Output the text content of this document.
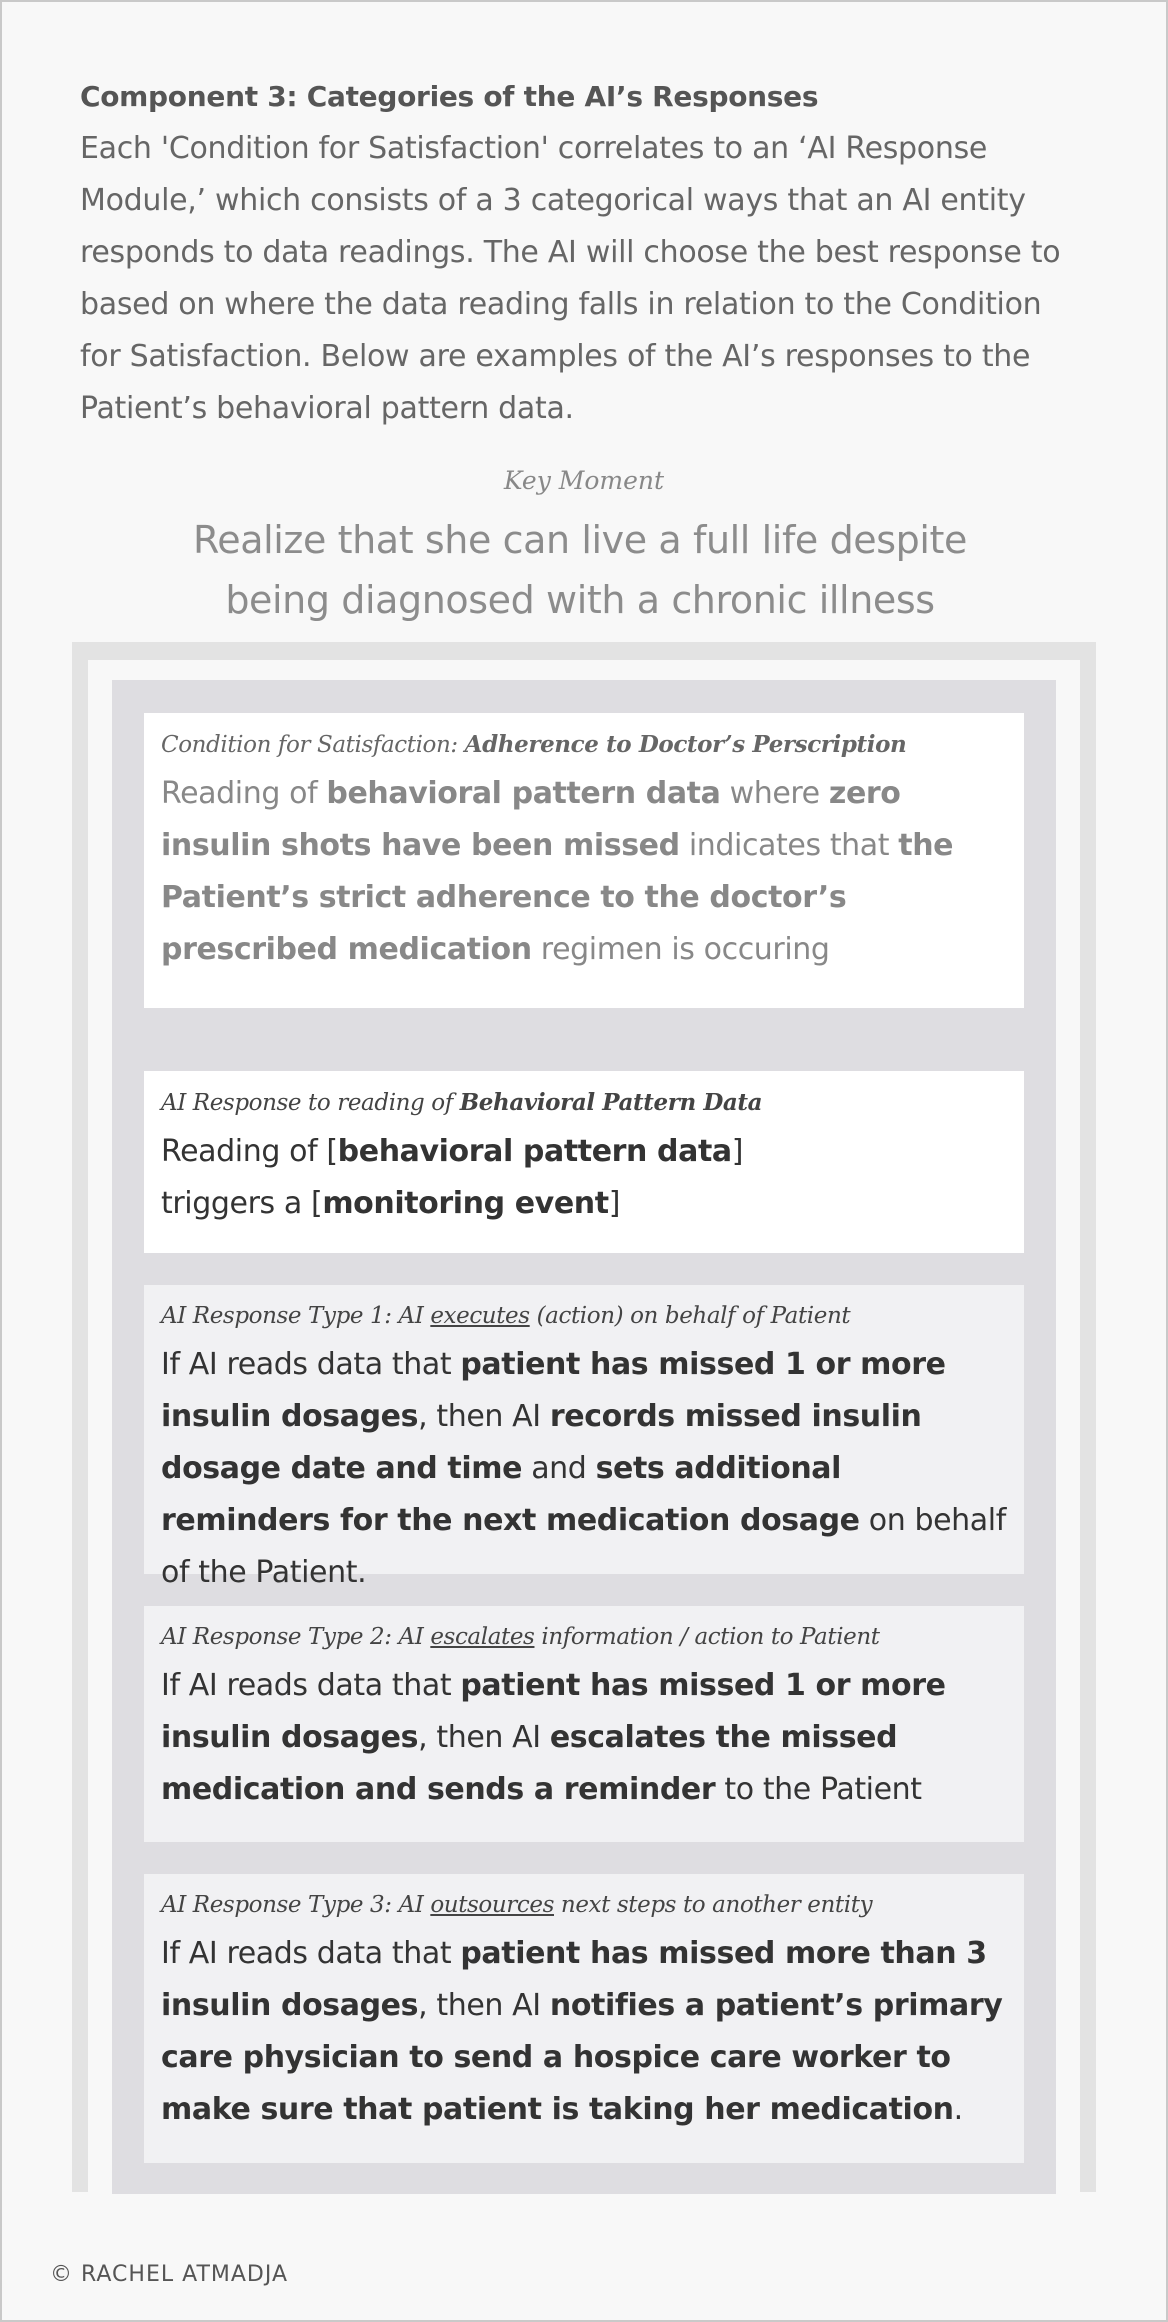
Component 3: Categories of the AI’s Responses

Each 'Condition for Satisfaction' correlates to an ‘AI Response Module,’ which consists of a 3 categorical ways that an AI entity responds to data readings. The AI will choose the best response to based on where the data reading falls in relation to the Condition for Satisfaction. Below are examples of the AI’s responses to the Patient’s behavioral pattern data.

Key Moment
Realize that she can live a full life despite being diagnosed with a chronic illness

Condition for Satisfaction: Adherence to Doctor’s Perscription

Reading of behavioral pattern data where zero insulin shots have been missed indicates that the Patient’s strict adherence to the doctor’s prescribed medication regimen is occuring

AI Response to reading of Behavioral Pattern Data

Reading of [behavioral pattern data]
triggers a [monitoring event]

AI Response Type 1: AI executes (action) on behalf of Patient

If AI reads data that patient has missed 1 or more insulin dosages, then AI records missed insulin dosage date and time and sets additional reminders for the next medication dosage on behalf of the Patient.

AI Response Type 2: AI escalates information / action to Patient

If AI reads data that patient has missed 1 or more insulin dosages, then AI escalates the missed medication and sends a reminder to the Patient

AI Response Type 3: AI outsources next steps to another entity

If AI reads data that patient has missed more than 3 insulin dosages, then AI notifies a patient’s primary care physician to send a hospice care worker to make sure that patient is taking her medication.

© RACHEL ATMADJA
